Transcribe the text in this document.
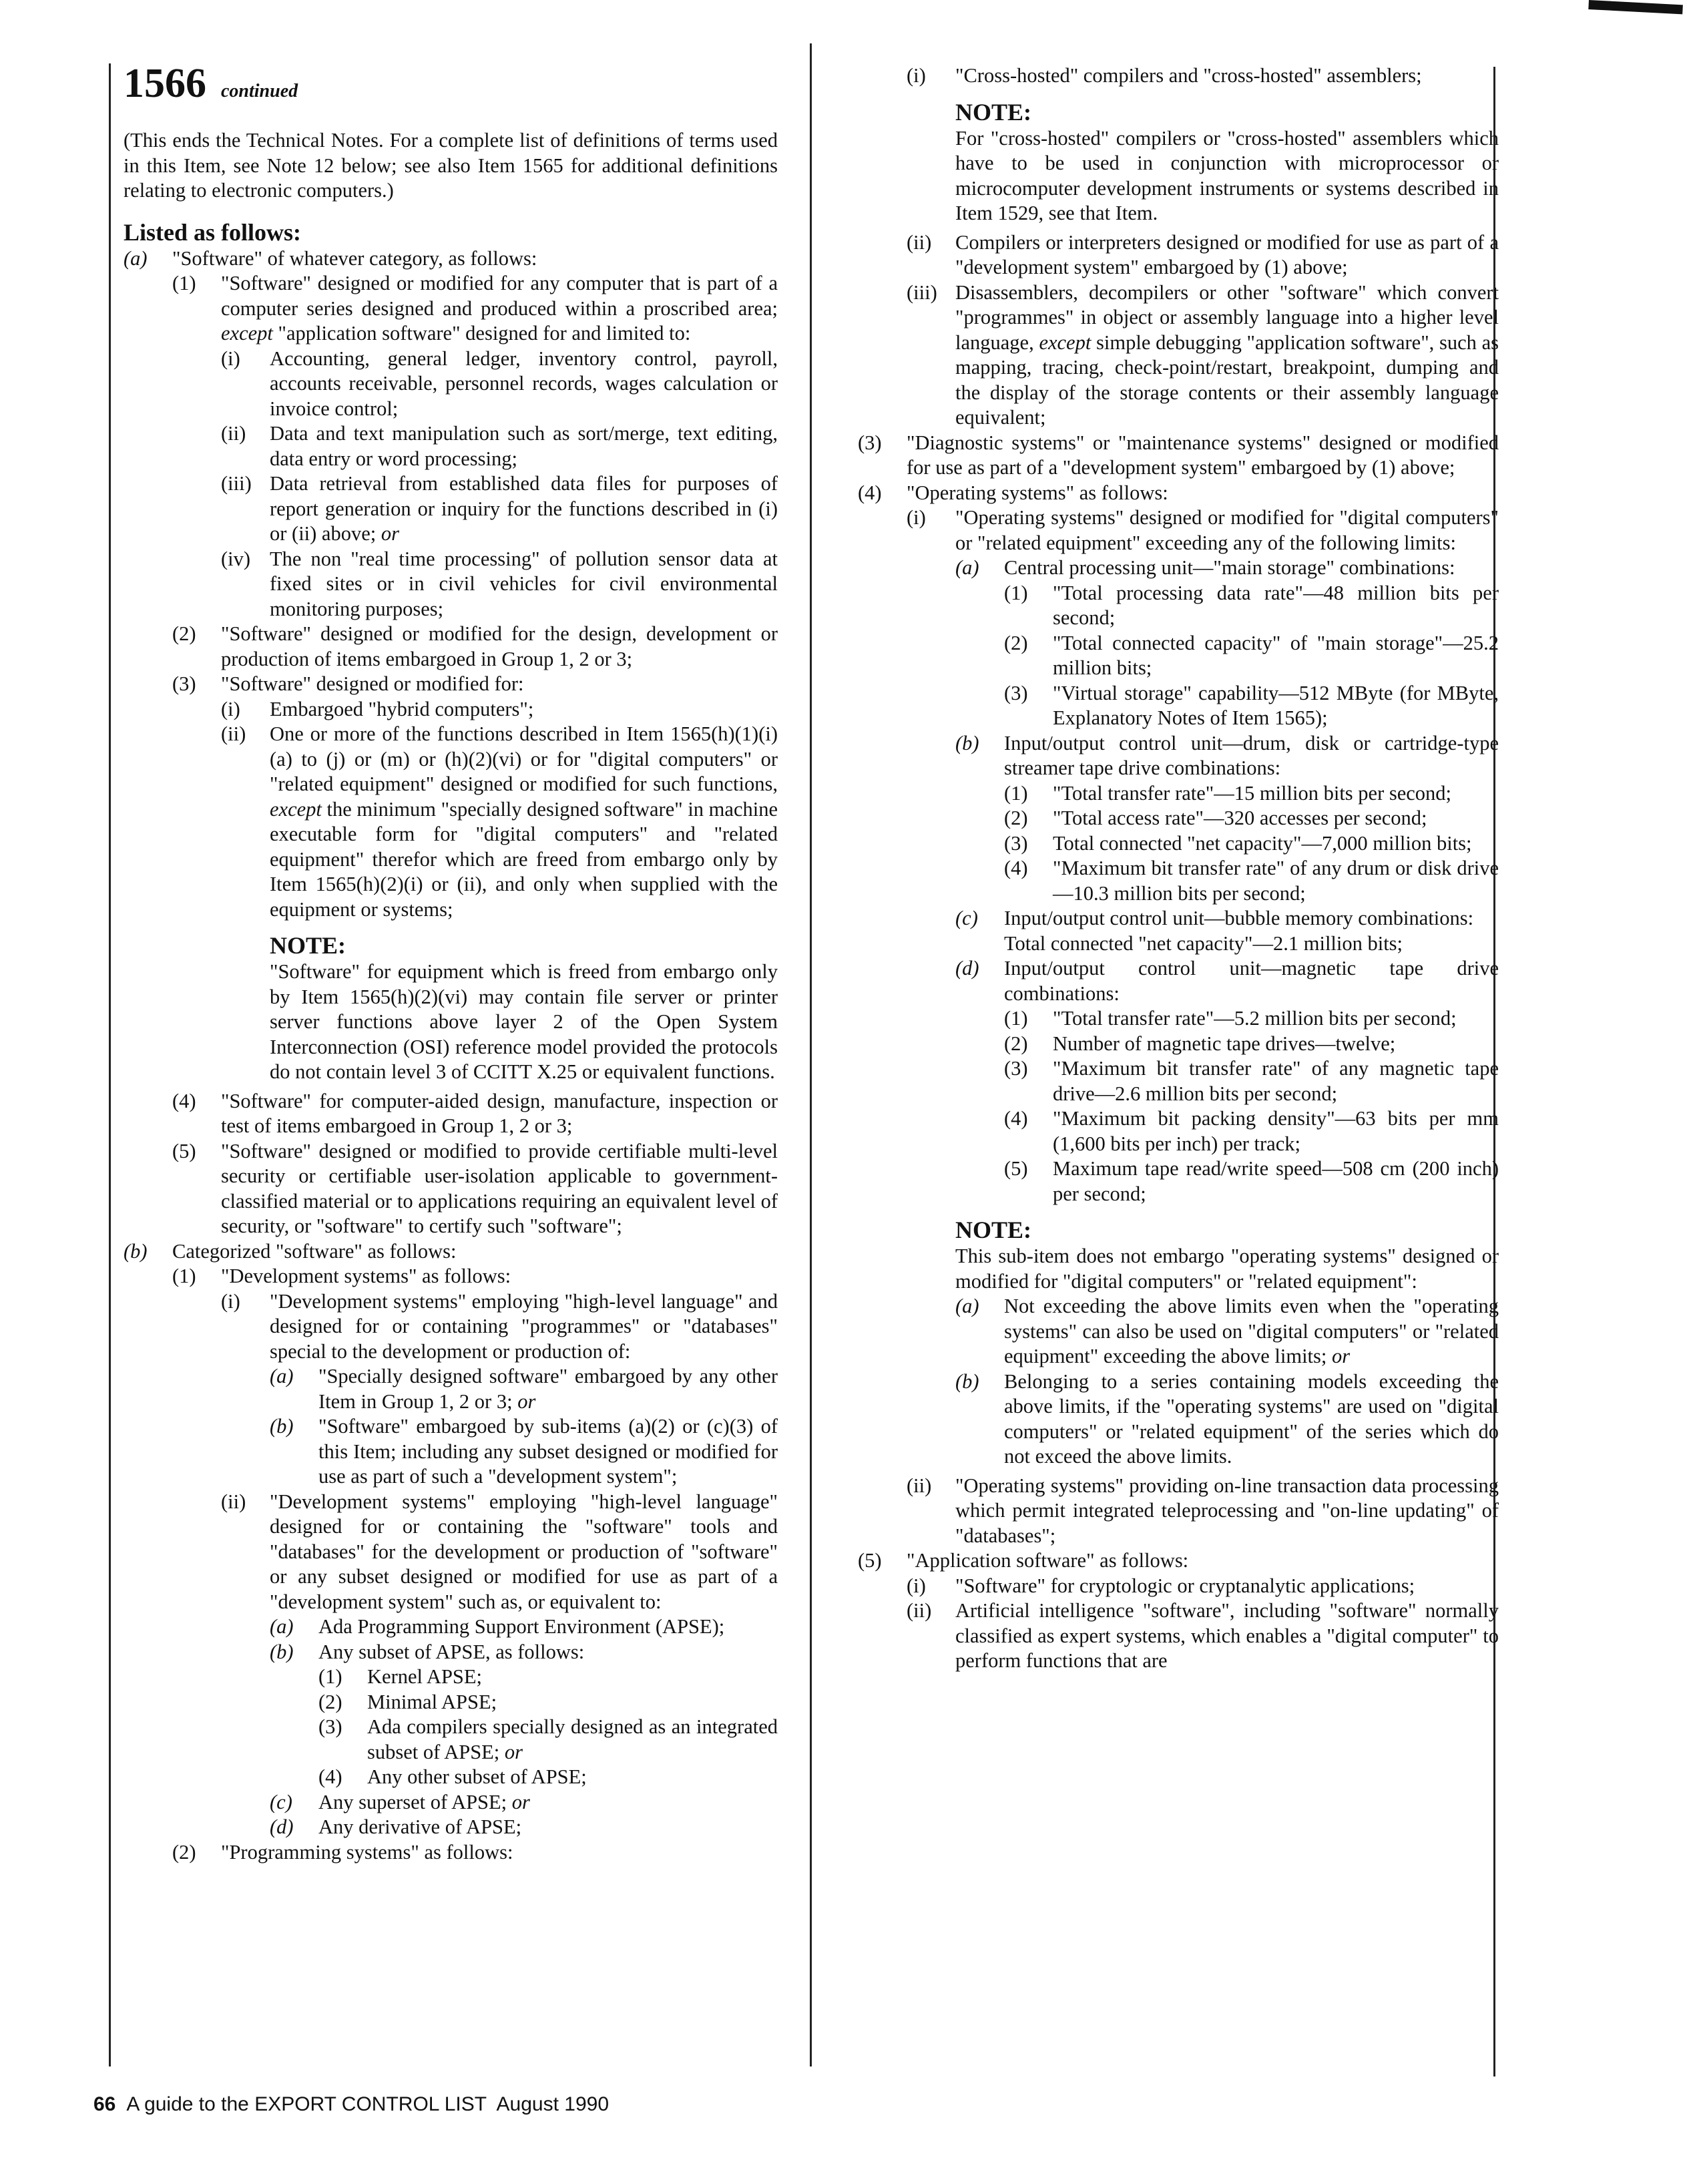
1566 continued

(This ends the Technical Notes. For a complete list of definitions of terms used in this Item, see Note 12 below; see also Item 1565 for additional definitions relating to electronic computers.)

Listed as follows:
(a)	"Software" of whatever category, as follows:
(1)	"Software" designed or modified for any computer that is part of a computer series designed and produced within a proscribed area; except "application software" designed for and limited to:
(i)	Accounting, general ledger, inventory control, payroll, accounts receivable, personnel records, wages calculation or invoice control;
(ii)	Data and text manipulation such as sort/merge, text editing, data entry or word processing;
(iii) Data retrieval from established data files for purposes of report generation or inquiry for the functions described in (i) or (ii) above; or
(iv) The non "real time processing" of pollution sensor data at fixed sites or in civil vehicles for civil environmental monitoring purposes;
(2)	"Software" designed or modified for the design, development or production of items embargoed in Group 1, 2 or 3;
(3)	"Software" designed or modified for:
(i)	Embargoed "hybrid computers";
(ii)	One or more of the functions described in Item 1565(h)(1)(i)(a) to (j) or (m) or (h)(2)(vi) or for "digital computers" or "related equipment" designed or modified for such functions, except the minimum "specially designed software" in machine executable form for "digital computers" and "related equipment" therefor which are freed from embargo only by Item 1565(h)(2)(i) or (ii), and only when supplied with the equipment or systems;
NOTE:

"Software" for equipment which is freed from embargo only by Item 1565(h)(2)(vi) may contain file server or printer server functions above layer 2 of the Open System Interconnection (OSI) reference model provided the protocols do not contain level 3 of CCITT X.25 or equivalent functions.

(4)	"Software" for computer-aided design, manufacture, inspection or test of items embargoed in Group 1, 2 or 3;
(5)	"Software" designed or modified to provide certifiable multi-level security or certifiable user-isolation applicable to government-classified material or to applications requiring an equivalent level of security, or "software" to certify such "software";
(b)	Categorized "software" as follows:
(1)	"Development systems" as follows:
(i)	"Development systems" employing "high-level language" and designed for or containing "programmes" or "databases" special to the development or production of:
(a)	"Specially designed software" embargoed by any other Item in Group 1, 2 or 3; or
(b)	"Software" embargoed by sub-items (a)(2) or (c)(3) of this Item; including any subset designed or modified for use as part of such a "development system";
(ii)	"Development systems" employing "high-level language" designed for or containing the "software" tools and "databases" for the development or production of "software" or any subset designed or modified for use as part of a "development system" such as, or equivalent to:
(a)	Ada Programming Support Environment (APSE);
(b)	Any subset of APSE, as follows:
(1)	Kernel APSE;
(2)	Minimal APSE;
(3)	Ada compilers specially designed as an integrated subset of APSE; or
(4)	Any other subset of APSE;
(c)	Any superset of APSE; or
(d)	Any derivative of APSE;
(2)	"Programming systems" as follows:
(i)	"Cross-hosted" compilers and "cross-hosted" assemblers;
NOTE:

For "cross-hosted" compilers or "cross-hosted" assemblers which have to be used in conjunction with microprocessor or microcomputer development instruments or systems described in Item 1529, see that Item.

(ii)	Compilers or interpreters designed or modified for use as part of a "development system" embargoed by (1) above;
(iii) Disassemblers, decompilers or other "software" which convert "programmes" in object or assembly language into a higher level language, except simple debugging "application software", such as mapping, tracing, check-point/restart, breakpoint, dumping and the display of the storage contents or their assembly language equivalent;
(3)	"Diagnostic systems" or "maintenance systems" designed or modified for use as part of a "development system" embargoed by (1) above;
(4)	"Operating systems" as follows:
(i)	"Operating systems" designed or modified for "digital computers" or "related equipment" exceeding any of the following limits:
(a)	Central processing unit—"main storage" combinations:
(1)	"Total processing data rate"—48 million bits per second;
(2)	"Total connected capacity" of "main storage"—25.2 million bits;
(3)	"Virtual storage" capability—512 MByte (for MByte, Explanatory Notes of Item 1565);
(b)	Input/output control unit—drum, disk or cartridge-type streamer tape drive combinations:
(1)	"Total transfer rate"—15 million bits per second;
(2)	"Total access rate"—320 accesses per second;
(3)	Total connected "net capacity"—7,000 million bits;
(4)	"Maximum bit transfer rate" of any drum or disk drive—10.3 million bits per second;
(c)	Input/output control unit—bubble memory combinations:
Total connected "net capacity"—2.1 million bits;
(d)	Input/output control unit—magnetic tape drive combinations:
(1)	"Total transfer rate"—5.2 million bits per second;
(2)	Number of magnetic tape drives—twelve;
(3)	"Maximum bit transfer rate" of any magnetic tape drive—2.6 million bits per second;
(4)	"Maximum bit packing density"—63 bits per mm (1,600 bits per inch) per track;
(5)	Maximum tape read/write speed—508 cm (200 inch) per second;
NOTE:

This sub-item does not embargo "operating systems" designed or modified for "digital computers" or "related equipment":

(a)	Not exceeding the above limits even when the "operating systems" can also be used on "digital computers" or "related equipment" exceeding the above limits; or
(b)	Belonging to a series containing models exceeding the above limits, if the "operating systems" are used on "digital computers" or "related equipment" of the series which do not exceed the above limits.
(ii)	"Operating systems" providing on-line transaction data processing which permit integrated teleprocessing and "on-line updating" of "databases";
(5)	"Application software" as follows:
(i)	"Software" for cryptologic or cryptanalytic applications;
(ii)	Artificial intelligence "software", including "software" normally classified as expert systems, which enables a "digital computer" to perform functions that are
66 A guide to the EXPORT CONTROL LIST  August 1990
